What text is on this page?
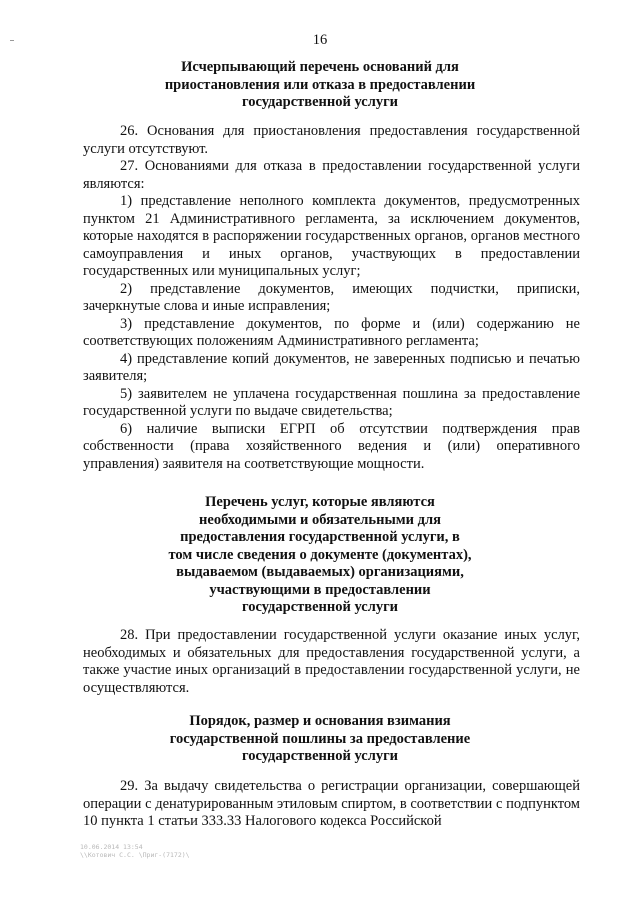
16
Исчерпывающий перечень оснований для
приостановления или отказа в предоставлении
государственной услуги

26. Основания для приостановления предоставления государственной услуги отсутствуют.

27. Основаниями для отказа в предоставлении государственной услуги являются:

1) представление неполного комплекта документов, предусмотренных пунктом 21 Административного регламента, за исключением документов, которые находятся в распоряжении государственных органов, органов местного самоуправления и иных органов, участвующих в предоставлении государственных или муниципальных услуг;

2) представление документов, имеющих подчистки, приписки, зачеркнутые слова и иные исправления;

3) представление документов, по форме и (или) содержанию не соответствующих положениям Административного регламента;

4) представление копий документов, не заверенных подписью и печатью заявителя;

5) заявителем не уплачена государственная пошлина за предоставление государственной услуги по выдаче свидетельства;

6) наличие выписки ЕГРП об отсутствии подтверждения прав собственности (права хозяйственного ведения и (или) оперативного управления) заявителя на соответствующие мощности.

Перечень услуг, которые являются
необходимыми и обязательными для
предоставления государственной услуги, в
том числе сведения о документе (документах),
выдаваемом (выдаваемых) организациями,
участвующими в предоставлении
государственной услуги

28. При предоставлении государственной услуги оказание иных услуг, необходимых и обязательных для предоставления государственной услуги, а также участие иных организаций в предоставлении государственной услуги, не осуществляются.

Порядок, размер и основания взимания
государственной пошлины за предоставление
государственной услуги

29. За выдачу свидетельства о регистрации организации, совершающей операции с денатурированным этиловым спиртом, в соответствии с подпунктом 10 пункта 1 статьи 333.33 Налогового кодекса Российской

10.06.2014 13:54
\\Котович С.С. \Приг-(7172)\
